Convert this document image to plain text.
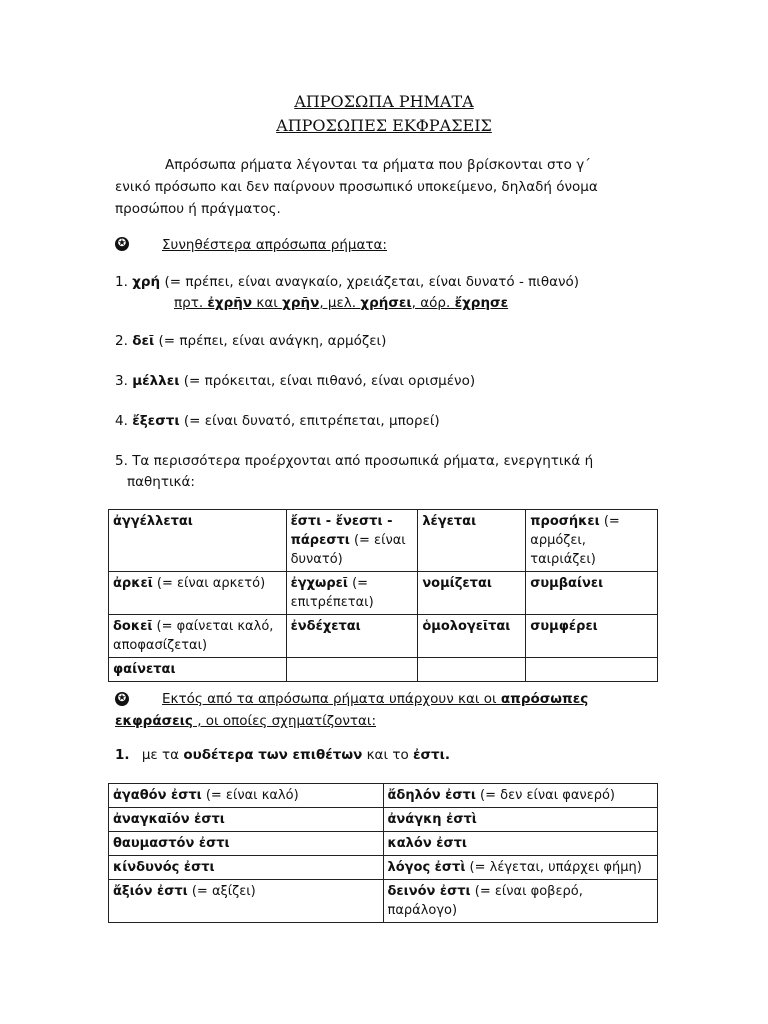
ΑΠΡΟΣΩΠΑ ΡΗΜΑΤΑ
ΑΠΡΟΣΩΠΕΣ ΕΚΦΡΑΣΕΙΣ
Απρόσωπα ρήματα λέγονται τα ρήματα που βρίσκονται στο γ΄
ενικό πρόσωπο και δεν παίρνουν προσωπικό υποκείμενο, δηλαδή όνομα
προσώπου ή πράγματος.
✪	Συνηθέστερα απρόσωπα ρήματα:
1. χρή (= πρέπει, είναι αναγκαίο, χρειάζεται, είναι δυνατό - πιθανό)
πρτ. ἐχρῆν και χρῆν, μελ. χρήσει, αόρ. ἔχρησε
2. δεῖ (= πρέπει, είναι ανάγκη, αρμόζει)
3. μέλλει (= πρόκειται, είναι πιθανό, είναι ορισμένο)
4. ἔξεστι (= είναι δυνατό, επιτρέπεται, μπορεί)
5. Τα περισσότερα προέρχονται από προσωπικά ρήματα, ενεργητικά ή
παθητικά:
ἀγγέλλεται	ἔστι - ἔνεστι - πάρεστι (= είναι δυνατό)	λέγεται	προσήκει (= αρμόζει, ταιριάζει)
ἀρκεῖ (= είναι αρκετό)	ἐγχωρεῖ (= επιτρέπεται)	νομίζεται	συμβαίνει
δοκεῖ (= φαίνεται καλό, αποφασίζεται)	ἐνδέχεται	ὁμολογεῖται	συμφέρει
φαίνεται			
✪	Εκτός από τα απρόσωπα ρήματα υπάρχουν και οι απρόσωπες
εκφράσεις , οι οποίες σχηματίζονται:
1. με τα ουδέτερα των επιθέτων και το ἐστι.
ἀγαθόν ἐστι (= είναι καλό)	ἄδηλόν ἐστι (= δεν είναι φανερό)
ἀναγκαῖόν ἐστι	ἀνάγκη ἐστὶ
θαυμαστόν ἐστι	καλόν ἐστι
κίνδυνός ἐστι	λόγος ἐστὶ (= λέγεται, υπάρχει φήμη)
ἄξιόν ἐστι (= αξίζει)	δεινόν ἐστι (= είναι φοβερό, παράλογο)
